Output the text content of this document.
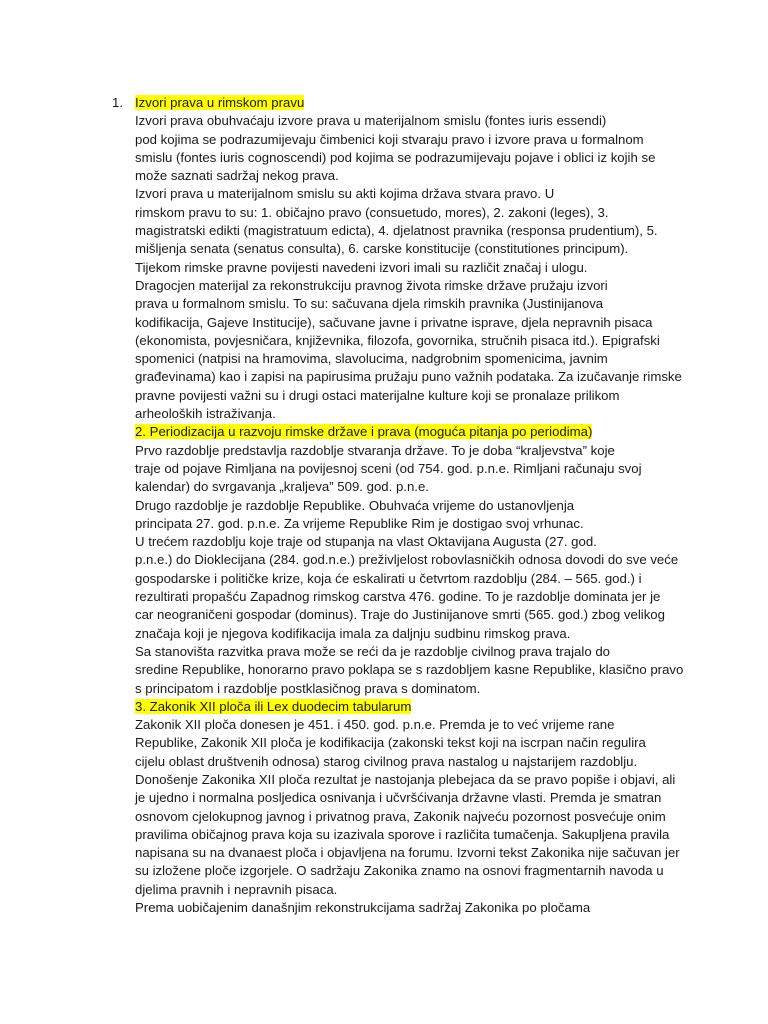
1. Izvori prava u rimskom pravu
Izvori prava obuhvaćaju izvore prava u materijalnom smislu (fontes iuris essendi)
pod kojima se podrazumijevaju čimbenici koji stvaraju pravo i izvore prava u formalnom
smislu (fontes iuris cognoscendi) pod kojima se podrazumijevaju pojave i oblici iz kojih se
može saznati sadržaj nekog prava.
Izvori prava u materijalnom smislu su akti kojima država stvara pravo. U
rimskom pravu to su: 1. običajno pravo (consuetudo, mores), 2. zakoni (leges), 3.
magistratski edikti (magistratuum edicta), 4. djelatnost pravnika (responsa prudentium), 5.
mišljenja senata (senatus consulta), 6. carske konstitucije (constitutiones principum).
Tijekom rimske pravne povijesti navedeni izvori imali su različit značaj i ulogu.
Dragocjen materijal za rekonstrukciju pravnog života rimske države pružaju izvori
prava u formalnom smislu. To su: sačuvana djela rimskih pravnika (Justinijanova
kodifikacija, Gajeve Institucije), sačuvane javne i privatne isprave, djela nepravnih pisaca
(ekonomista, povjesničara, književnika, filozofa, govornika, stručnih pisaca itd.). Epigrafski
spomenici (natpisi na hramovima, slavolucima, nadgrobnim spomenicima, javnim
građevinama) kao i zapisi na papirusima pružaju puno važnih podataka. Za izučavanje rimske
pravne povijesti važni su i drugi ostaci materijalne kulture koji se pronalaze prilikom
arheoloških istraživanja.
2. Periodizacija u razvoju rimske države i prava (moguća pitanja po periodima)
Prvo razdoblje predstavlja razdoblje stvaranja države. To je doba “kraljevstva” koje
traje od pojave Rimljana na povijesnoj sceni (od 754. god. p.n.e. Rimljani računaju svoj
kalendar) do svrgavanja „kraljeva” 509. god. p.n.e.
Drugo razdoblje je razdoblje Republike. Obuhvaća vrijeme do ustanovljenja
principata 27. god. p.n.e. Za vrijeme Republike Rim je dostigao svoj vrhunac.
U trećem razdoblju koje traje od stupanja na vlast Oktavijana Augusta (27. god.
p.n.e.) do Dioklecijana (284. god.n.e.) preživljelost robovlasničkih odnosa dovodi do sve veće
gospodarske i političke krize, koja će eskalirati u četvrtom razdoblju (284. – 565. god.) i
rezultirati propašću Zapadnog rimskog carstva 476. godine. To je razdoblje dominata jer je
car neograničeni gospodar (dominus). Traje do Justinijanove smrti (565. god.) zbog velikog
značaja koji je njegova kodifikacija imala za daljnju sudbinu rimskog prava.
Sa stanovišta razvitka prava može se reći da je razdoblje civilnog prava trajalo do
sredine Republike, honorarno pravo poklapa se s razdobljem kasne Republike, klasično pravo
s principatom i razdoblje postklasičnog prava s dominatom.
3. Zakonik XII ploča ili Lex duodecim tabularum
Zakonik XII ploča donesen je 451. i 450. god. p.n.e. Premda je to već vrijeme rane
Republike, Zakonik XII ploča je kodifikacija (zakonski tekst koji na iscrpan način regulira
cijelu oblast društvenih odnosa) starog civilnog prava nastalog u najstarijem razdoblju.
Donošenje Zakonika XII ploča rezultat je nastojanja plebejaca da se pravo popiše i objavi, ali
je ujedno i normalna posljedica osnivanja i učvršćivanja državne vlasti. Premda je smatran
osnovom cjelokupnog javnog i privatnog prava, Zakonik najveću pozornost posvećuje onim
pravilima običajnog prava koja su izazivala sporove i različita tumačenja. Sakupljena pravila
napisana su na dvanaest ploča i objavljena na forumu. Izvorni tekst Zakonika nije sačuvan jer
su izložene ploče izgorjele. O sadržaju Zakonika znamo na osnovi fragmentarnih navoda u
djelima pravnih i nepravnih pisaca.
Prema uobičajenim današnjim rekonstrukcijama sadržaj Zakonika po pločama
